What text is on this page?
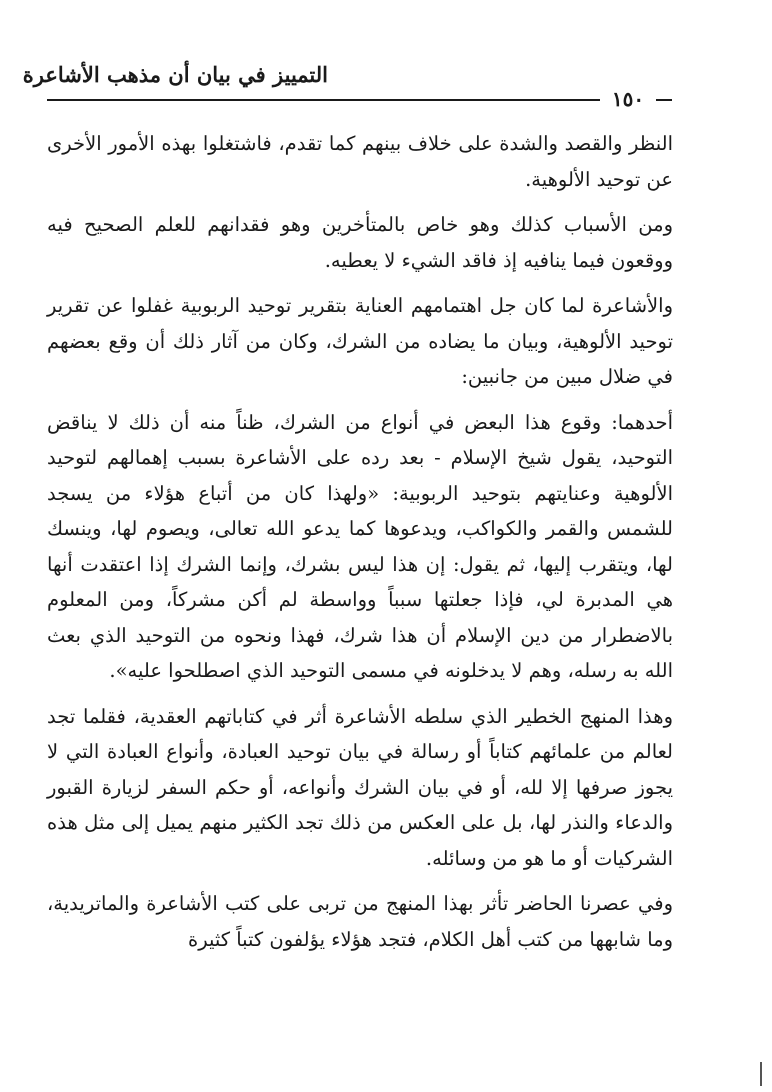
التمييز في بيان أن مذهب الأشاعرة
١٥٠

النظر والقصد والشدة على خلاف بينهم كما تقدم، فاشتغلوا بهذه الأمور الأخرى عن توحيد الألوهية.

ومن الأسباب كذلك وهو خاص بالمتأخرين وهو فقدانهم للعلم الصحيح فيه ووقعون فيما ينافيه إذ فاقد الشيء لا يعطيه.

والأشاعرة لما كان جل اهتمامهم العناية بتقرير توحيد الربوبية غفلوا عن تقرير توحيد الألوهية، وبيان ما يضاده من الشرك، وكان من آثار ذلك أن وقع بعضهم في ضلال مبين من جانبين:

أحدهما: وقوع هذا البعض في أنواع من الشرك، ظناً منه أن ذلك لا يناقض التوحيد، يقول شيخ الإسلام - بعد رده على الأشاعرة بسبب إهمالهم لتوحيد الألوهية وعنايتهم بتوحيد الربوبية: «ولهذا كان من أتباع هؤلاء من يسجد للشمس والقمر والكواكب، ويدعوها كما يدعو الله تعالى، ويصوم لها، وينسك لها، ويتقرب إليها، ثم يقول: إن هذا ليس بشرك، وإنما الشرك إذا اعتقدت أنها هي المدبرة لي، فإذا جعلتها سبباً وواسطة لم أكن مشركاً، ومن المعلوم بالاضطرار من دين الإسلام أن هذا شرك، فهذا ونحوه من التوحيد الذي بعث الله به رسله، وهم لا يدخلونه في مسمى التوحيد الذي اصطلحوا عليه».

وهذا المنهج الخطير الذي سلطه الأشاعرة أثر في كتاباتهم العقدية، فقلما تجد لعالم من علمائهم كتاباً أو رسالة في بيان توحيد العبادة، وأنواع العبادة التي لا يجوز صرفها إلا لله، أو في بيان الشرك وأنواعه، أو حكم السفر لزيارة القبور والدعاء والنذر لها، بل على العكس من ذلك تجد الكثير منهم يميل إلى مثل هذه الشركيات أو ما هو من وسائله.

وفي عصرنا الحاضر تأثر بهذا المنهج من تربى على كتب الأشاعرة والماتريدية، وما شابهها من كتب أهل الكلام، فتجد هؤلاء يؤلفون كتباً كثيرة
